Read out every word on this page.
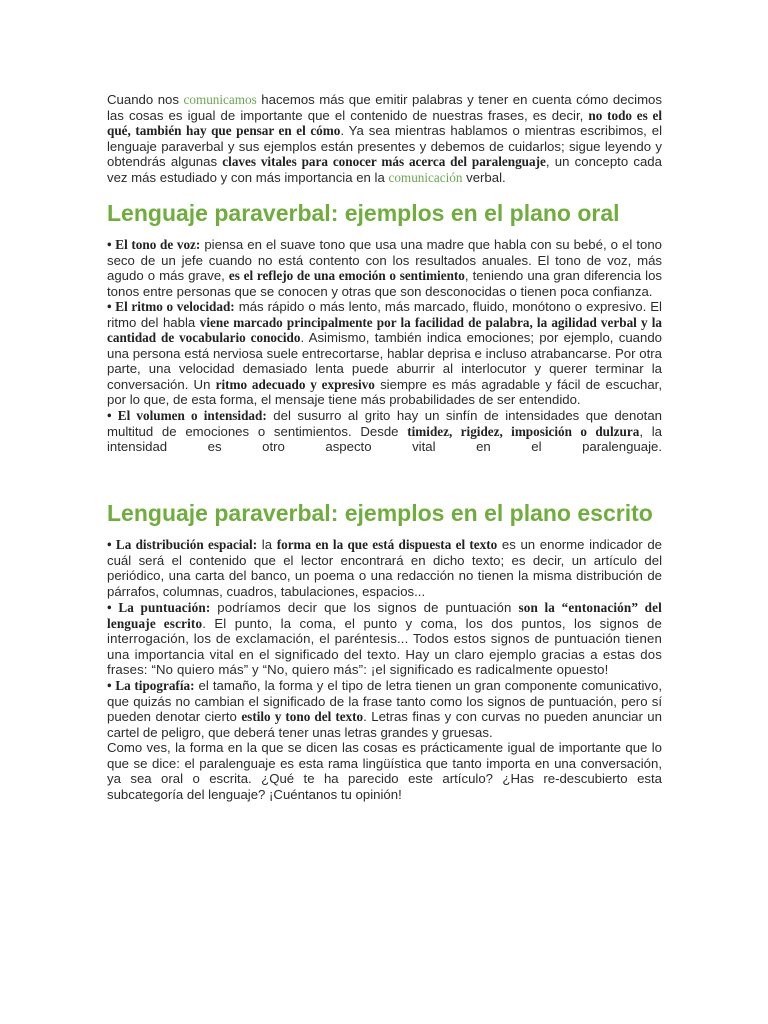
Cuando nos comunicamos hacemos más que emitir palabras y tener en cuenta cómo decimos las cosas es igual de importante que el contenido de nuestras frases, es decir, no todo es el qué, también hay que pensar en el cómo. Ya sea mientras hablamos o mientras escribimos, el lenguaje paraverbal y sus ejemplos están presentes y debemos de cuidarlos; sigue leyendo y obtendrás algunas claves vitales para conocer más acerca del paralenguaje, un concepto cada vez más estudiado y con más importancia en la comunicación verbal.

Lenguaje paraverbal: ejemplos en el plano oral

• El tono de voz: piensa en el suave tono que usa una madre que habla con su bebé, o el tono seco de un jefe cuando no está contento con los resultados anuales. El tono de voz, más agudo o más grave, es el reflejo de una emoción o sentimiento, teniendo una gran diferencia los tonos entre personas que se conocen y otras que son desconocidas o tienen poca confianza.

• El ritmo o velocidad: más rápido o más lento, más marcado, fluido, monótono o expresivo. El ritmo del habla viene marcado principalmente por la facilidad de palabra, la agilidad verbal y la cantidad de vocabulario conocido. Asimismo, también indica emociones; por ejemplo, cuando una persona está nerviosa suele entrecortarse, hablar deprisa e incluso atrabancarse. Por otra parte, una velocidad demasiado lenta puede aburrir al interlocutor y querer terminar la conversación. Un ritmo adecuado y expresivo siempre es más agradable y fácil de escuchar, por lo que, de esta forma, el mensaje tiene más probabilidades de ser entendido.

• El volumen o intensidad: del susurro al grito hay un sinfín de intensidades que denotan multitud de emociones o sentimientos. Desde timidez, rigidez, imposición o dulzura, la intensidad es otro aspecto vital en el paralenguaje.

Lenguaje paraverbal: ejemplos en el plano escrito

• La distribución espacial: la forma en la que está dispuesta el texto es un enorme indicador de cuál será el contenido que el lector encontrará en dicho texto; es decir, un artículo del periódico, una carta del banco, un poema o una redacción no tienen la misma distribución de párrafos, columnas, cuadros, tabulaciones, espacios...

• La puntuación: podríamos decir que los signos de puntuación son la “entonación” del lenguaje escrito. El punto, la coma, el punto y coma, los dos puntos, los signos de interrogación, los de exclamación, el paréntesis... Todos estos signos de puntuación tienen una importancia vital en el significado del texto. Hay un claro ejemplo gracias a estas dos frases: “No quiero más” y “No, quiero más”: ¡el significado es radicalmente opuesto!

• La tipografía: el tamaño, la forma y el tipo de letra tienen un gran componente comunicativo, que quizás no cambian el significado de la frase tanto como los signos de puntuación, pero sí pueden denotar cierto estilo y tono del texto. Letras finas y con curvas no pueden anunciar un cartel de peligro, que deberá tener unas letras grandes y gruesas.

Como ves, la forma en la que se dicen las cosas es prácticamente igual de importante que lo que se dice: el paralenguaje es esta rama lingüística que tanto importa en una conversación, ya sea oral o escrita. ¿Qué te ha parecido este artículo? ¿Has re-descubierto esta subcategoría del lenguaje? ¡Cuéntanos tu opinión!
